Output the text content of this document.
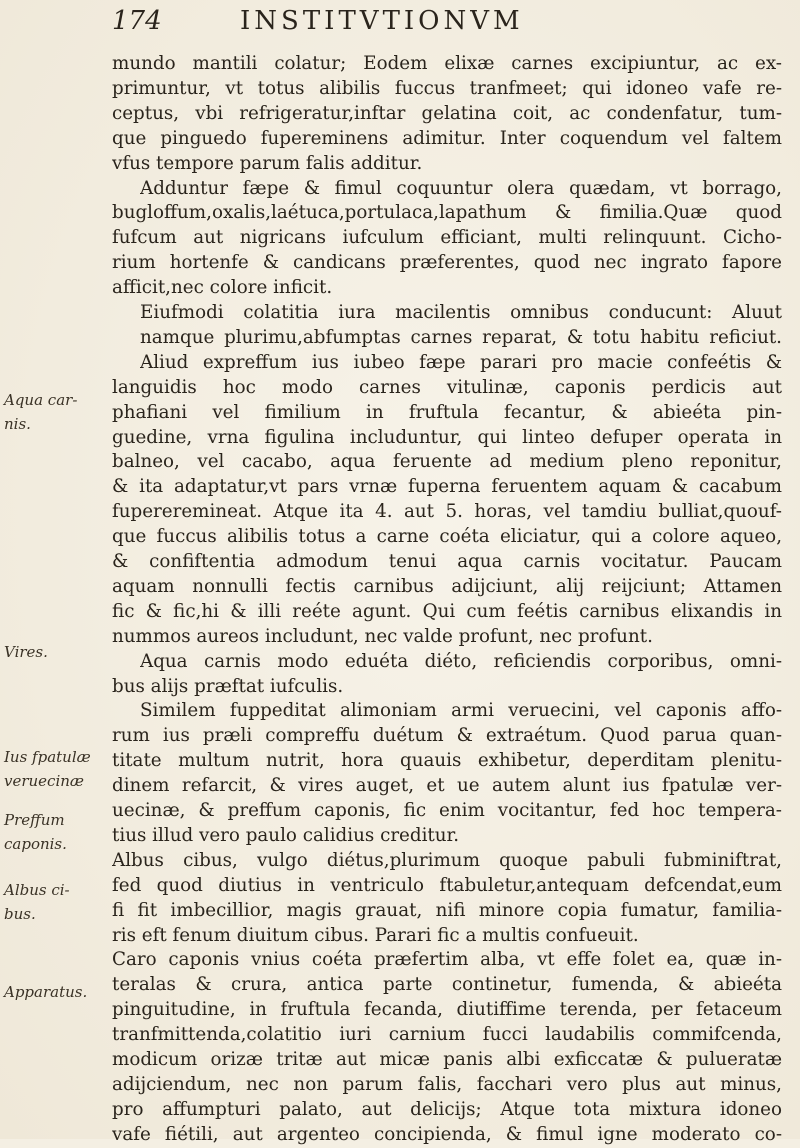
174	INSTITVTIONVM
mundo mantili colatur; Eodem elixæ carnes excipiuntur, ac ex-
primuntur, vt totus alibilis fuccus tranfmeet; qui idoneo vafe re-
ceptus, vbi refrigeratur,inftar gelatina coit, ac condenfatur, tum-
que pinguedo fupereminens adimitur. Inter coquendum vel faltem
vfus tempore parum falis additur.
Adduntur fæpe & fimul coquuntur olera quædam, vt borrago,
bugloffum,oxalis,laétuca,portulaca,lapathum & fimilia.Quæ quod
fufcum aut nigricans iufculum efficiant, multi relinquunt. Cicho-
rium hortenfe & candicans præferentes, quod nec ingrato fapore
afficit,nec colore inficit.
Eiufmodi colatitia iura macilentis omnibus conducunt: Aluut
namque plurimu,abfumptas carnes reparat, & totu habitu reficiut.
Aliud expreffum ius iubeo fæpe parari pro macie confeétis &
languidis hoc modo carnes vitulinæ, caponis perdicis aut
phafiani vel fimilium in fruftula fecantur, & abieéta pin-
guedine, vrna figulina includuntur, qui linteo defuper operata in
balneo, vel cacabo, aqua feruente ad medium pleno reponitur,
& ita adaptatur,vt pars vrnæ fuperna feruentem aquam & cacabum
fupereremineat. Atque ita 4. aut 5. horas, vel tamdiu bulliat,quouf-
que fuccus alibilis totus a carne coéta eliciatur, qui a colore aqueo,
& confiftentia admodum tenui aqua carnis vocitatur. Paucam
aquam nonnulli fectis carnibus adijciunt, alij reijciunt; Attamen
fic & fic,hi & illi reéte agunt. Qui cum feétis carnibus elixandis in
nummos aureos includunt, nec valde profunt, nec profunt.
Aqua carnis modo eduéta diéto, reficiendis corporibus, omni-
bus alijs præftat iufculis.
Similem fuppeditat alimoniam armi veruecini, vel caponis affo-
rum ius præli compreffu duétum & extraétum. Quod parua quan-
titate multum nutrit, hora quauis exhibetur, deperditam plenitu-
dinem refarcit, & vires auget, et ue autem alunt ius fpatulæ ver-
uecinæ, & preffum caponis, fic enim vocitantur, fed hoc tempera-
tius illud vero paulo calidius creditur.
Albus cibus, vulgo diétus,plurimum quoque pabuli fubminiftrat,
fed quod diutius in ventriculo ftabuletur,antequam defcendat,eum
fi fit imbecillior, magis grauat, nifi minore copia fumatur, familia-
ris eft fenum diuitum cibus. Parari fic a multis confueuit.
Caro caponis vnius coéta præfertim alba, vt effe folet ea, quæ in-
teralas & crura, antica parte continetur, fumenda, & abieéta
pinguitudine, in fruftula fecanda, diutiffime terenda, per fetaceum
tranfmittenda,colatitio iuri carnium fucci laudabilis commifcenda,
modicum orizæ tritæ aut micæ panis albi exficcatæ & pulueratæ
adijciendum, nec non parum falis, facchari vero plus aut minus,
pro affumpturi palato, aut delicijs; Atque tota mixtura idoneo
vafe fiétili, aut argenteo concipienda, & fimul igne moderato co-
Aqua car-
nis.
Vires.
Ius fpatulæ
veruecinæ
Preffum
caponis.
Albus ci-
bus.
Apparatus.
